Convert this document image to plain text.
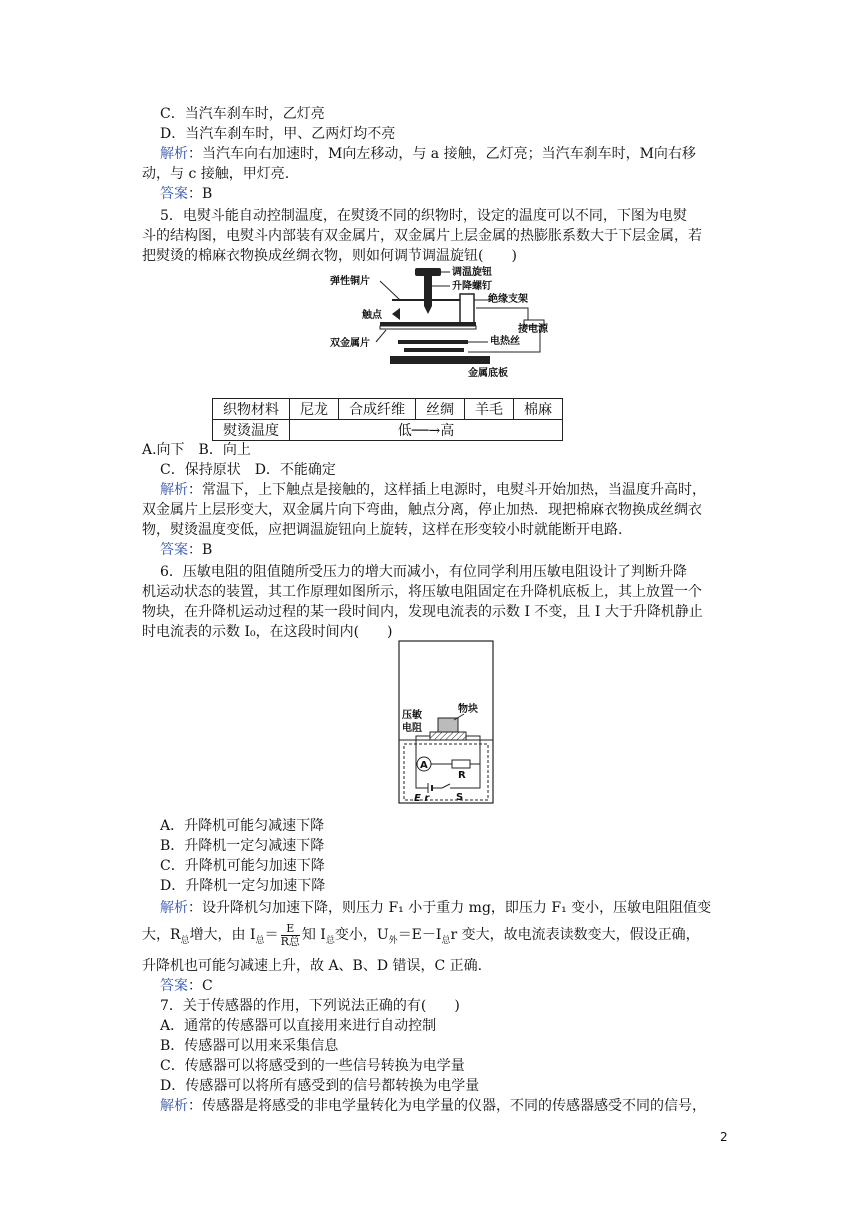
C．当汽车刹车时，乙灯亮
D．当汽车刹车时，甲、乙两灯均不亮
解析：当汽车向右加速时，M向左移动，与 a 接触，乙灯亮；当汽车刹车时，M向右移
动，与 c 接触，甲灯亮.
答案：B
5．电熨斗能自动控制温度，在熨烫不同的织物时，设定的温度可以不同，下图为电熨
斗的结构图，电熨斗内部装有双金属片，双金属片上层金属的热膨胀系数大于下层金属，若
把熨烫的棉麻衣物换成丝绸衣物，则如何调节调温旋钮(　　)
调温旋钮
升降螺钉
弹性铜片
绝缘支架
触点
双金属片	电热丝
接电源
金属底板
织物材料	尼龙	合成纤维	丝绸	羊毛	棉麻
熨烫温度	低──→高				
A.向下　B．向上
C．保持原状　D．不能确定
解析：常温下，上下触点是接触的，这样插上电源时，电熨斗开始加热，当温度升高时，
双金属片上层形变大，双金属片向下弯曲，触点分离，停止加热．现把棉麻衣物换成丝绸衣
物，熨烫温度变低，应把调温旋钮向上旋转，这样在形变较小时就能断开电路.
答案：B
6．压敏电阻的阻值随所受压力的增大而减小，有位同学利用压敏电阻设计了判断升降
机运动状态的装置，其工作原理如图所示，将压敏电阻固定在升降机底板上，其上放置一个
物块，在升降机运动过程的某一段时间内，发现电流表的示数 I 不变，且 I 大于升降机静止
时电流表的示数 I₀，在这段时间内(　　)
压敏
电阻
物块
A
R
E r	S
A．升降机可能匀减速下降
B．升降机一定匀减速下降
C．升降机可能匀加速下降
D．升降机一定匀加速下降
解析：设升降机匀加速下降，则压力 F₁ 小于重力 mg，即压力 F₁ 变小，压敏电阻阻值变
大，$R_总$增大，由 $I_总= \frac{E}{\text{R总}}$ 知 $I_总$变小，$U_外=E-I_总r$ 变大，故电流表读数变大，假设正确，
升降机也可能匀减速上升，故 A、B、D 错误，C 正确.
答案：C
7．关于传感器的作用，下列说法正确的有(　　)
A．通常的传感器可以直接用来进行自动控制
B．传感器可以用来采集信息
C．传感器可以将感受到的一些信号转换为电学量
D．传感器可以将所有感受到的信号都转换为电学量
解析：传感器是将感受的非电学量转化为电学量的仪器，不同的传感器感受不同的信号，
2
